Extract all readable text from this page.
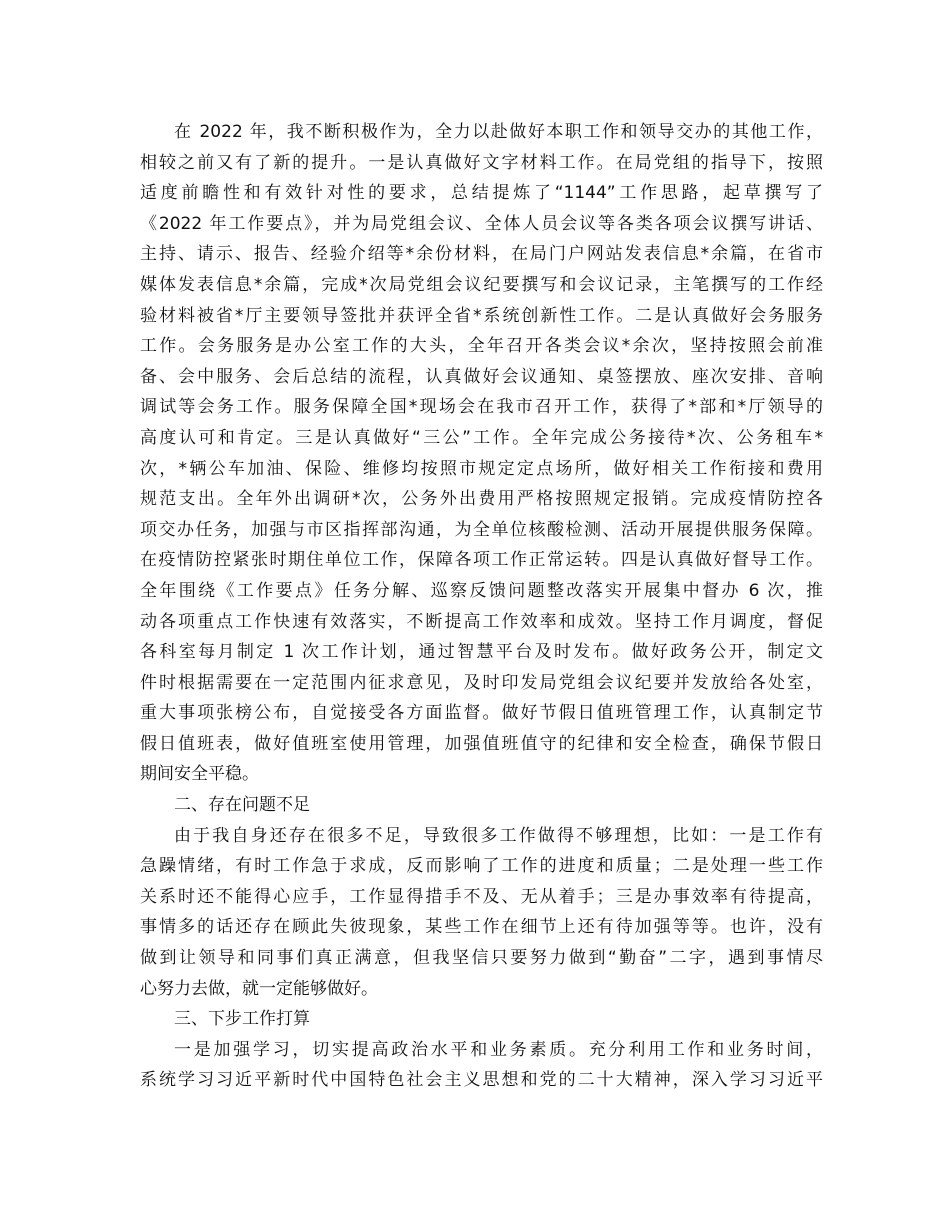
在 2022 年，我不断积极作为，全力以赴做好本职工作和领导交办的其他工作，
相较之前又有了新的提升。一是认真做好文字材料工作。在局党组的指导下，按照
适度前瞻性和有效针对性的要求，总结提炼了“1144”工作思路，起草撰写了
《2022 年工作要点》，并为局党组会议、全体人员会议等各类各项会议撰写讲话、
主持、请示、报告、经验介绍等*余份材料，在局门户网站发表信息*余篇，在省市
媒体发表信息*余篇，完成*次局党组会议纪要撰写和会议记录，主笔撰写的工作经
验材料被省*厅主要领导签批并获评全省*系统创新性工作。二是认真做好会务服务
工作。会务服务是办公室工作的大头，全年召开各类会议*余次，坚持按照会前准
备、会中服务、会后总结的流程，认真做好会议通知、桌签摆放、座次安排、音响
调试等会务工作。服务保障全国*现场会在我市召开工作，获得了*部和*厅领导的
高度认可和肯定。三是认真做好“三公”工作。全年完成公务接待*次、公务租车*
次，*辆公车加油、保险、维修均按照市规定定点场所，做好相关工作衔接和费用
规范支出。全年外出调研*次，公务外出费用严格按照规定报销。完成疫情防控各
项交办任务，加强与市区指挥部沟通，为全单位核酸检测、活动开展提供服务保障。
在疫情防控紧张时期住单位工作，保障各项工作正常运转。四是认真做好督导工作。
全年围绕《工作要点》任务分解、巡察反馈问题整改落实开展集中督办 6 次，推
动各项重点工作快速有效落实，不断提高工作效率和成效。坚持工作月调度，督促
各科室每月制定 1 次工作计划，通过智慧平台及时发布。做好政务公开，制定文
件时根据需要在一定范围内征求意见，及时印发局党组会议纪要并发放给各处室，
重大事项张榜公布，自觉接受各方面监督。做好节假日值班管理工作，认真制定节
假日值班表，做好值班室使用管理，加强值班值守的纪律和安全检查，确保节假日
期间安全平稳。
二、存在问题不足
由于我自身还存在很多不足，导致很多工作做得不够理想，比如：一是工作有
急躁情绪，有时工作急于求成，反而影响了工作的进度和质量；二是处理一些工作
关系时还不能得心应手，工作显得措手不及、无从着手；三是办事效率有待提高，
事情多的话还存在顾此失彼现象，某些工作在细节上还有待加强等等。也许，没有
做到让领导和同事们真正满意，但我坚信只要努力做到“勤奋”二字，遇到事情尽
心努力去做，就一定能够做好。
三、下步工作打算
一是加强学习，切实提高政治水平和业务素质。充分利用工作和业务时间，
系统学习习近平新时代中国特色社会主义思想和党的二十大精神，深入学习习近平
